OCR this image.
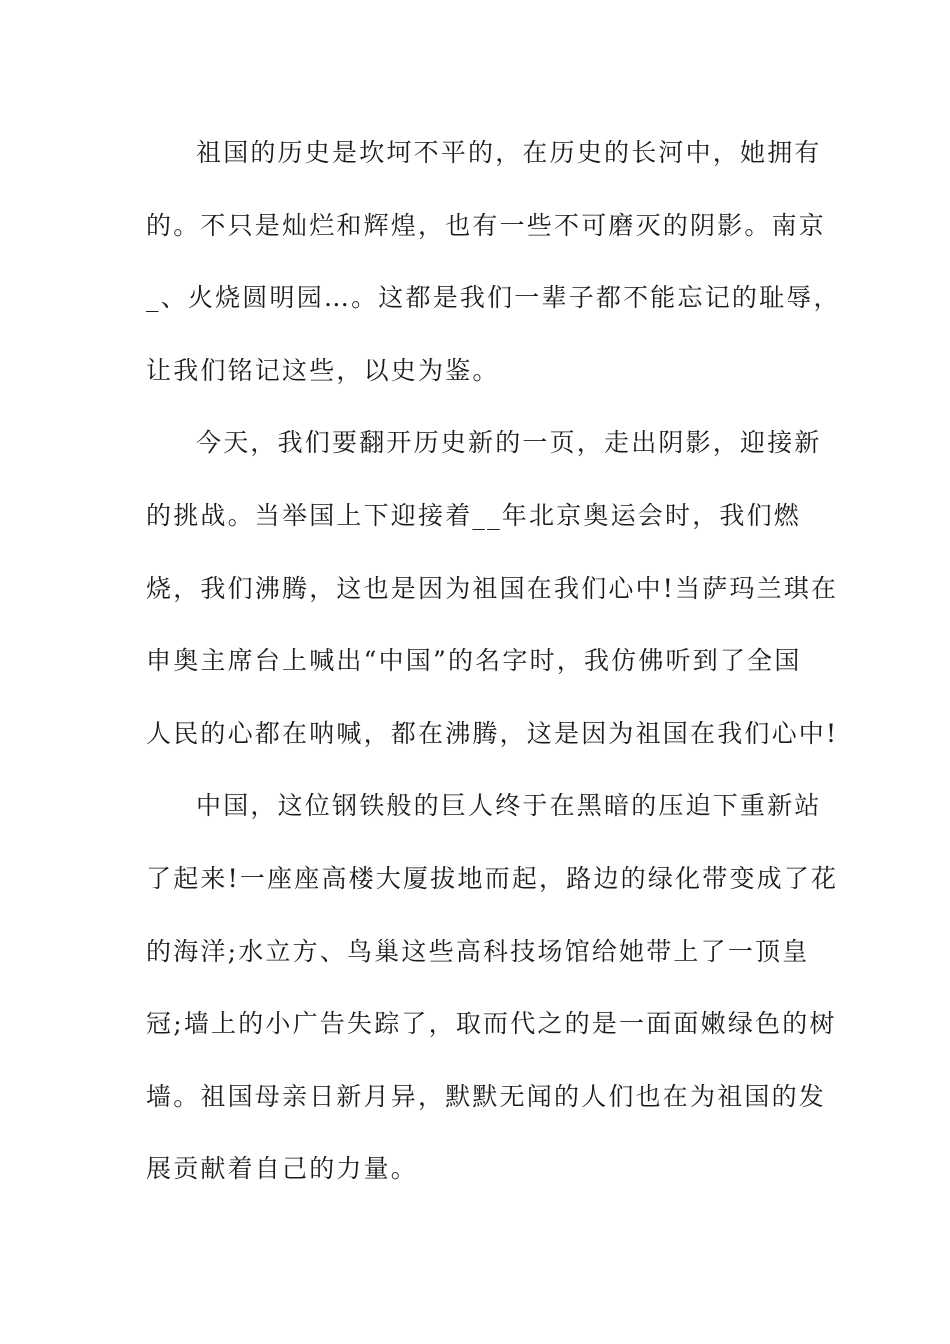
祖国的历史是坎坷不平的，在历史的长河中，她拥有
的。不只是灿烂和辉煌，也有一些不可磨灭的阴影。南京
_、火烧圆明园…。这都是我们一辈子都不能忘记的耻辱，
让我们铭记这些，以史为鉴。
今天，我们要翻开历史新的一页，走出阴影，迎接新
的挑战。当举国上下迎接着__年北京奥运会时，我们燃
烧，我们沸腾，这也是因为祖国在我们心中!当萨玛兰琪在
申奥主席台上喊出“中国”的名字时，我仿佛听到了全国
人民的心都在呐喊，都在沸腾，这是因为祖国在我们心中!
中国，这位钢铁般的巨人终于在黑暗的压迫下重新站
了起来!一座座高楼大厦拔地而起，路边的绿化带变成了花
的海洋;水立方、鸟巢这些高科技场馆给她带上了一顶皇
冠;墙上的小广告失踪了，取而代之的是一面面嫩绿色的树
墙。祖国母亲日新月异，默默无闻的人们也在为祖国的发
展贡献着自己的力量。
